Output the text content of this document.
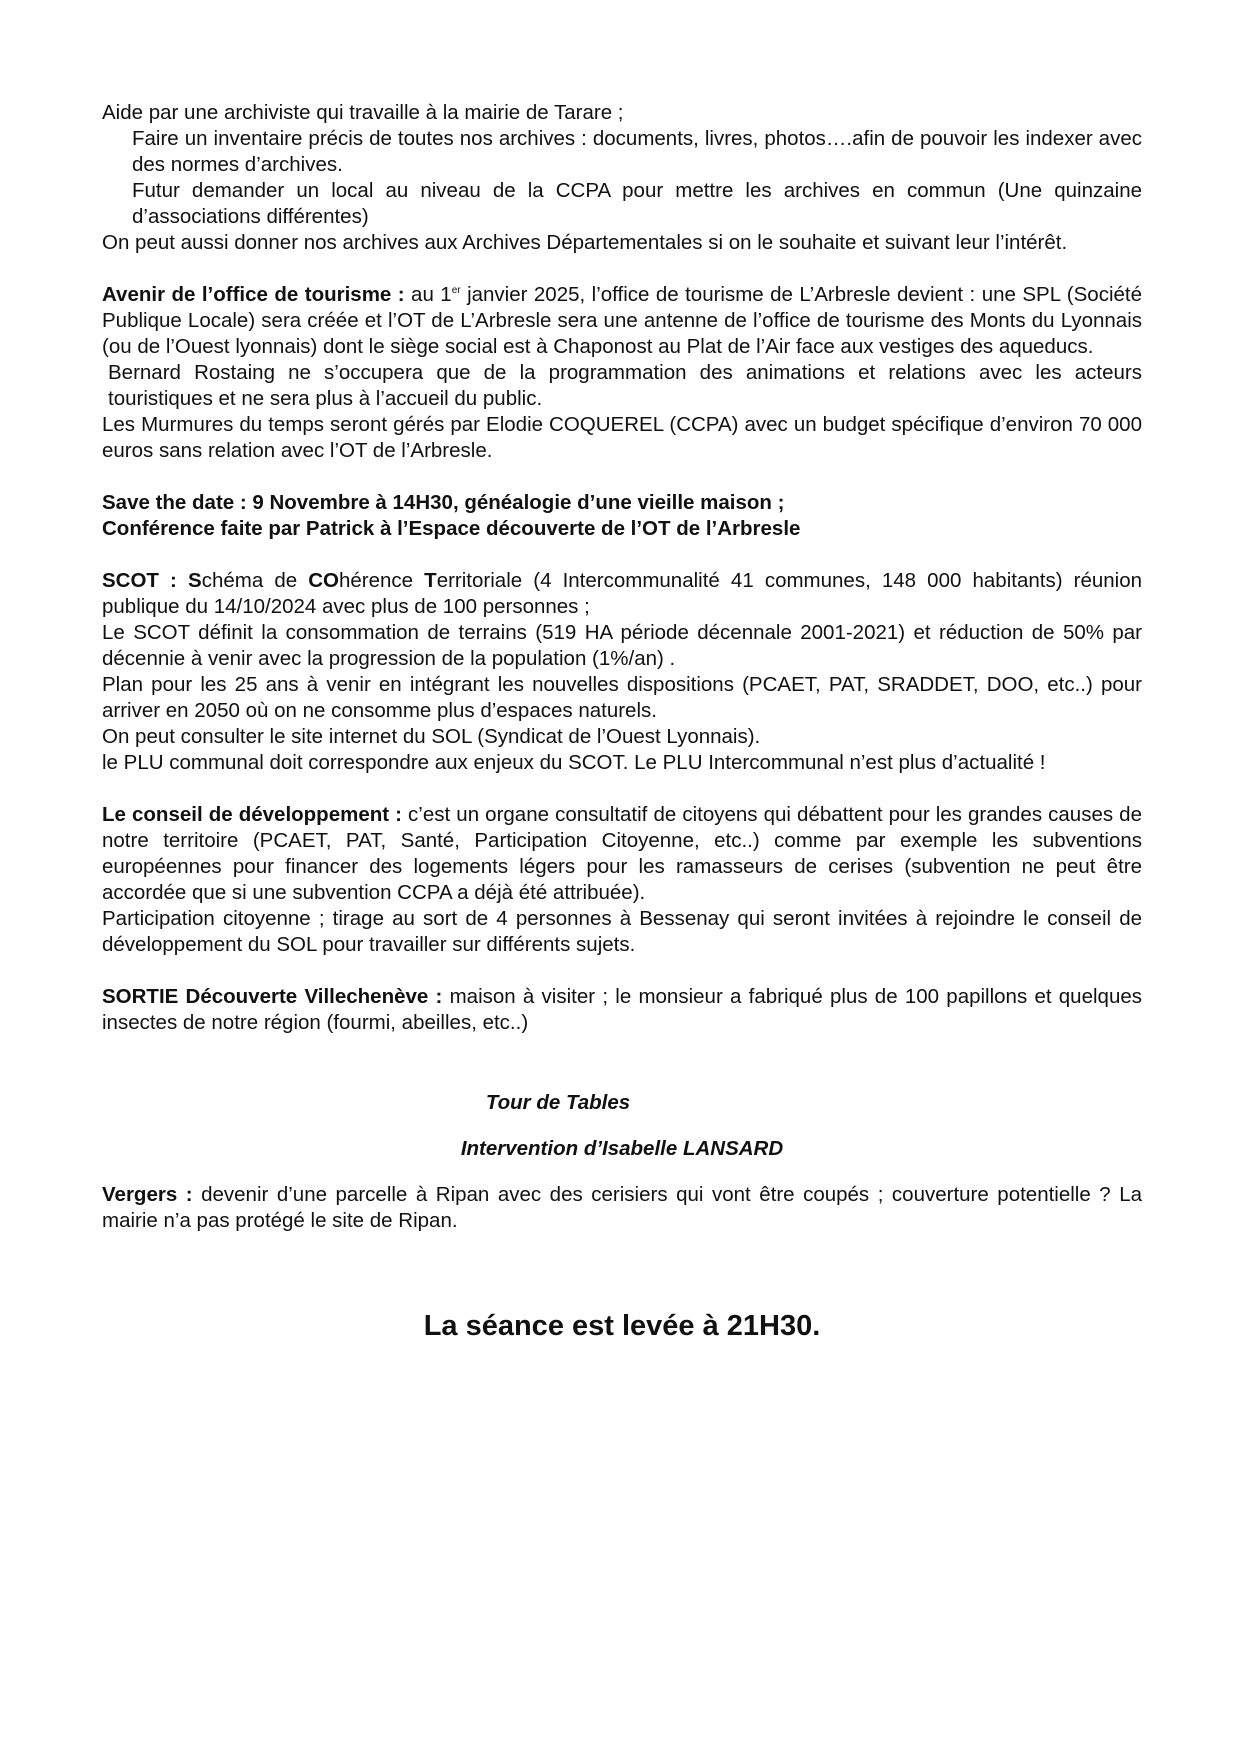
Aide par une archiviste qui travaille à la mairie de Tarare ;

Faire un inventaire précis de toutes nos archives : documents, livres, photos….afin de pouvoir les indexer avec des normes d’archives.

Futur demander un local au niveau de la CCPA pour mettre les archives en commun (Une quinzaine d’associations différentes)

On peut aussi donner nos archives aux Archives Départementales si on le souhaite et suivant leur l’intérêt.

Avenir de l’office de tourisme : au 1er janvier 2025, l’office de tourisme de L’Arbresle devient : une SPL (Société Publique Locale) sera créée et l’OT de L’Arbresle sera une antenne de l’office de tourisme des Monts du Lyonnais (ou de l’Ouest lyonnais) dont le siège social est à Chaponost au Plat de l’Air face aux vestiges des aqueducs.

Bernard Rostaing ne s’occupera que de la programmation des animations et relations avec les acteurs touristiques et ne sera plus à l’accueil du public.

Les Murmures du temps seront gérés par Elodie COQUEREL (CCPA) avec un budget spécifique d’environ 70 000 euros sans relation avec l’OT de l’Arbresle.

Save the date : 9 Novembre à 14H30, généalogie d’une vieille maison ;

Conférence faite par Patrick à l’Espace découverte de l’OT de l’Arbresle

SCOT : Schéma de COhérence Territoriale (4 Intercommunalité 41 communes, 148 000 habitants) réunion publique du 14/10/2024 avec plus de 100 personnes ;

Le SCOT définit la consommation de terrains (519 HA période décennale 2001-2021) et réduction de 50% par décennie à venir avec la progression de la population (1%/an) .

Plan pour les 25 ans à venir en intégrant les nouvelles dispositions (PCAET, PAT, SRADDET, DOO, etc..) pour arriver en 2050 où on ne consomme plus d’espaces naturels.

On peut consulter le site internet du SOL (Syndicat de l’Ouest Lyonnais).

le PLU communal doit correspondre aux enjeux du SCOT. Le PLU Intercommunal n’est plus d’actualité !

Le conseil de développement : c’est un organe consultatif de citoyens qui débattent pour les grandes causes de notre territoire (PCAET, PAT, Santé, Participation Citoyenne, etc..) comme par exemple les subventions européennes pour financer des logements légers pour les ramasseurs de cerises (subvention ne peut être accordée que si une subvention CCPA a déjà été attribuée).

Participation citoyenne ; tirage au sort de 4 personnes à Bessenay qui seront invitées à rejoindre le conseil de développement du SOL pour travailler sur différents sujets.

SORTIE Découverte Villechenève : maison à visiter ; le monsieur a fabriqué plus de 100 papillons et quelques insectes de notre région (fourmi, abeilles, etc..)

Tour de Tables

Intervention d’Isabelle LANSARD

Vergers : devenir d’une parcelle à Ripan avec des cerisiers qui vont être coupés ; couverture potentielle ? La mairie n’a pas protégé le site de Ripan.

La séance est levée à 21H30.
